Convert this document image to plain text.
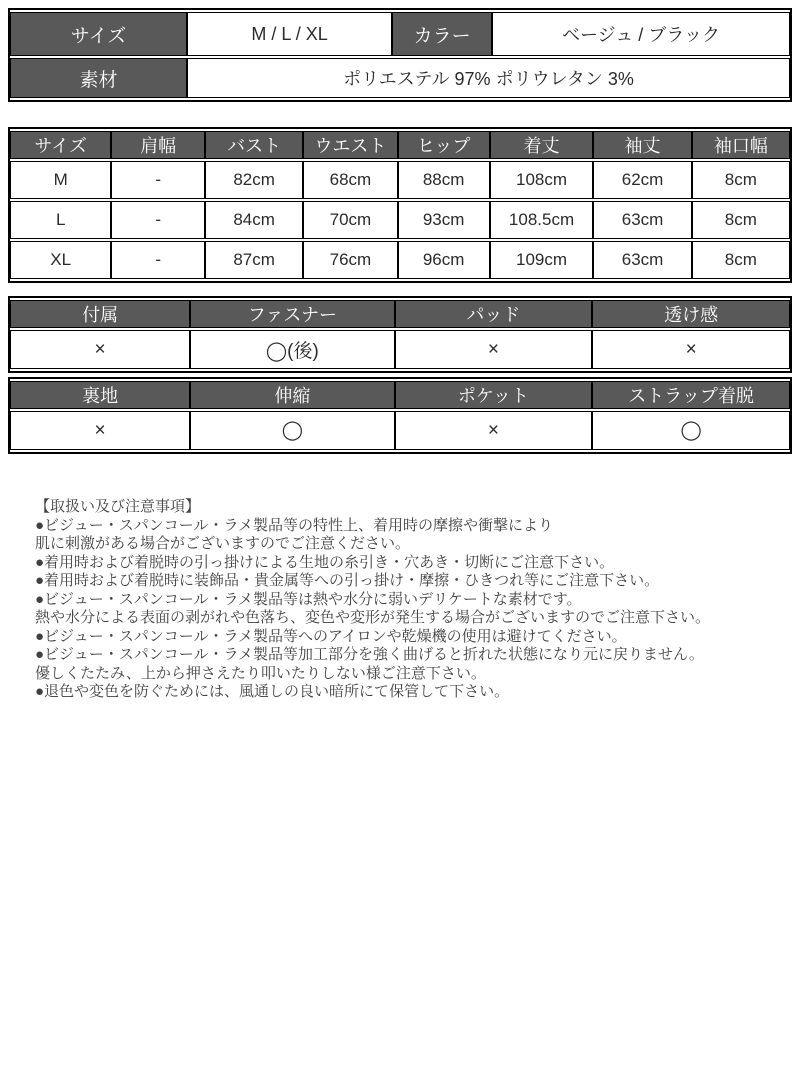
サイズ	M / L / XL	カラー	ベージュ / ブラック
素材	ポリエステル 97% ポリウレタン 3%		
サイズ	肩幅	バスト	ウエスト	ヒップ	着丈	袖丈	袖口幅
M	-	82cm	68cm	88cm	108cm	62cm	8cm
L	-	84cm	70cm	93cm	108.5cm	63cm	8cm
XL	-	87cm	76cm	96cm	109cm	63cm	8cm
付属	ファスナー	パッド	透け感
×	◯(後)	×	×
裏地	伸縮	ポケット	ストラップ着脱
×	◯	×	◯
【取扱い及び注意事項】
●ビジュー・スパンコール・ラメ製品等の特性上、着用時の摩擦や衝撃により
肌に刺激がある場合がございますのでご注意ください。
●着用時および着脱時の引っ掛けによる生地の糸引き・穴あき・切断にご注意下さい。
●着用時および着脱時に装飾品・貴金属等への引っ掛け・摩擦・ひきつれ等にご注意下さい。
●ビジュー・スパンコール・ラメ製品等は熱や水分に弱いデリケートな素材です。
熱や水分による表面の剥がれや色落ち、変色や変形が発生する場合がございますのでご注意下さい。
●ビジュー・スパンコール・ラメ製品等へのアイロンや乾燥機の使用は避けてください。
●ビジュー・スパンコール・ラメ製品等加工部分を強く曲げると折れた状態になり元に戻りません。
優しくたたみ、上から押さえたり叩いたりしない様ご注意下さい。
●退色や変色を防ぐためには、風通しの良い暗所にて保管して下さい。
